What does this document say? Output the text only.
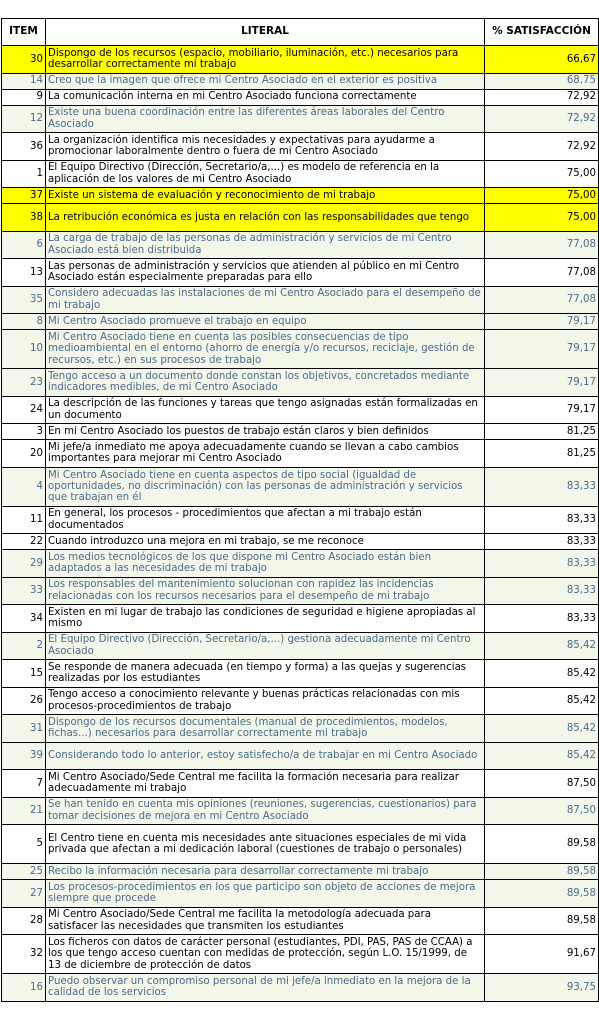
ITEM	LITERAL	% SATISFACCIÓN
30	Dispongo de los recursos (espacio, mobiliario, iluminación, etc.) necesarios para desarrollar correctamente mi trabajo	66,67
14	Creo que la imagen que ofrece mi Centro Asociado en el exterior es positiva	68,75
9	La comunicación interna en mi Centro Asociado funciona correctamente	72,92
12	Existe una buena coordinación entre las diferentes áreas laborales del Centro Asociado	72,92
36	La organización identifica mis necesidades y expectativas para ayudarme a promocionar laboralmente dentro o fuera de mi Centro Asociado	72,92
1	El Equipo Directivo (Dirección, Secretario/a,...) es modelo de referencia en la aplicación de los valores de mi Centro Asociado	75,00
37	Existe un sistema de evaluación y reconocimiento de mi trabajo	75,00
38	La retribución económica es justa en relación con las responsabilidades que tengo	75,00
6	La carga de trabajo de las personas de administración y servicios de mi Centro Asociado está bien distribuida	77,08
13	Las personas de administración y servicios que atienden al público en mi Centro Asociado están especialmente preparadas para ello	77,08
35	Considero adecuadas las instalaciones de mi Centro Asociado para el desempeño de mi trabajo	77,08
8	Mi Centro Asociado promueve el trabajo en equipo	79,17
10	Mi Centro Asociado tiene en cuenta las posibles consecuencias de tipo medioambiental en el entorno (ahorro de energía y/o recursos, reciclaje, gestión de recursos, etc.) en sus procesos de trabajo	79,17
23	Tengo acceso a un documento donde constan los objetivos, concretados mediante indicadores medibles, de mi Centro Asociado	79,17
24	La descripción de las funciones y tareas que tengo asignadas están formalizadas en un documento	79,17
3	En mi Centro Asociado los puestos de trabajo están claros y bien definidos	81,25
20	Mi jefe/a inmediato me apoya adecuadamente cuando se llevan a cabo cambios importantes para mejorar mi Centro Asociado	81,25
4	Mi Centro Asociado tiene en cuenta aspectos de tipo social (igualdad de oportunidades, no discriminación) con las personas de administración y servicios que trabajan en él	83,33
11	En general, los procesos - procedimientos que afectan a mi trabajo están documentados	83,33
22	Cuando introduzco una mejora en mi trabajo, se me reconoce	83,33
29	Los medios tecnológicos de los que dispone mi Centro Asociado están bien adaptados a las necesidades de mi trabajo	83,33
33	Los responsables del mantenimiento solucionan con rapidez las incidencias relacionadas con los recursos necesarios para el desempeño de mi trabajo	83,33
34	Existen en mi lugar de trabajo las condiciones de seguridad e higiene apropiadas al mismo	83,33
2	El Equipo Directivo (Dirección, Secretario/a,...) gestiona adecuadamente mi Centro Asociado	85,42
15	Se responde de manera adecuada (en tiempo y forma) a las quejas y sugerencias realizadas por los estudiantes	85,42
26	Tengo acceso a conocimiento relevante y buenas prácticas relacionadas con mis procesos-procedimientos de trabajo	85,42
31	Dispongo de los recursos documentales (manual de procedimientos, modelos, fichas...) necesarios para desarrollar correctamente mi trabajo	85,42
39	Considerando todo lo anterior, estoy satisfecho/a de trabajar en mi Centro Asociado	85,42
7	Mi Centro Asociado/Sede Central me facilita la formación necesaria para realizar adecuadamente mi trabajo	87,50
21	Se han tenido en cuenta mis opiniones (reuniones, sugerencias, cuestionarios) para tomar decisiones de mejora en mi Centro Asociado	87,50
5	El Centro tiene en cuenta mis necesidades ante situaciones especiales de mi vida privada que afectan a mi dedicación laboral (cuestiones de trabajo o personales)	89,58
25	Recibo la información necesaria para desarrollar correctamente mi trabajo	89,58
27	Los procesos-procedimientos en los que participo son objeto de acciones de mejora siempre que procede	89,58
28	Mi Centro Asociado/Sede Central me facilita la metodología adecuada para satisfacer las necesidades que transmiten los estudiantes	89,58
32	Los ficheros con datos de carácter personal (estudiantes, PDI, PAS, PAS de CCAA) a los que tengo acceso cuentan con medidas de protección, según L.O. 15/1999, de 13 de diciembre de protección de datos	91,67
16	Puedo observar un compromiso personal de mi jefe/a inmediato en la mejora de la calidad de los servicios	93,75
